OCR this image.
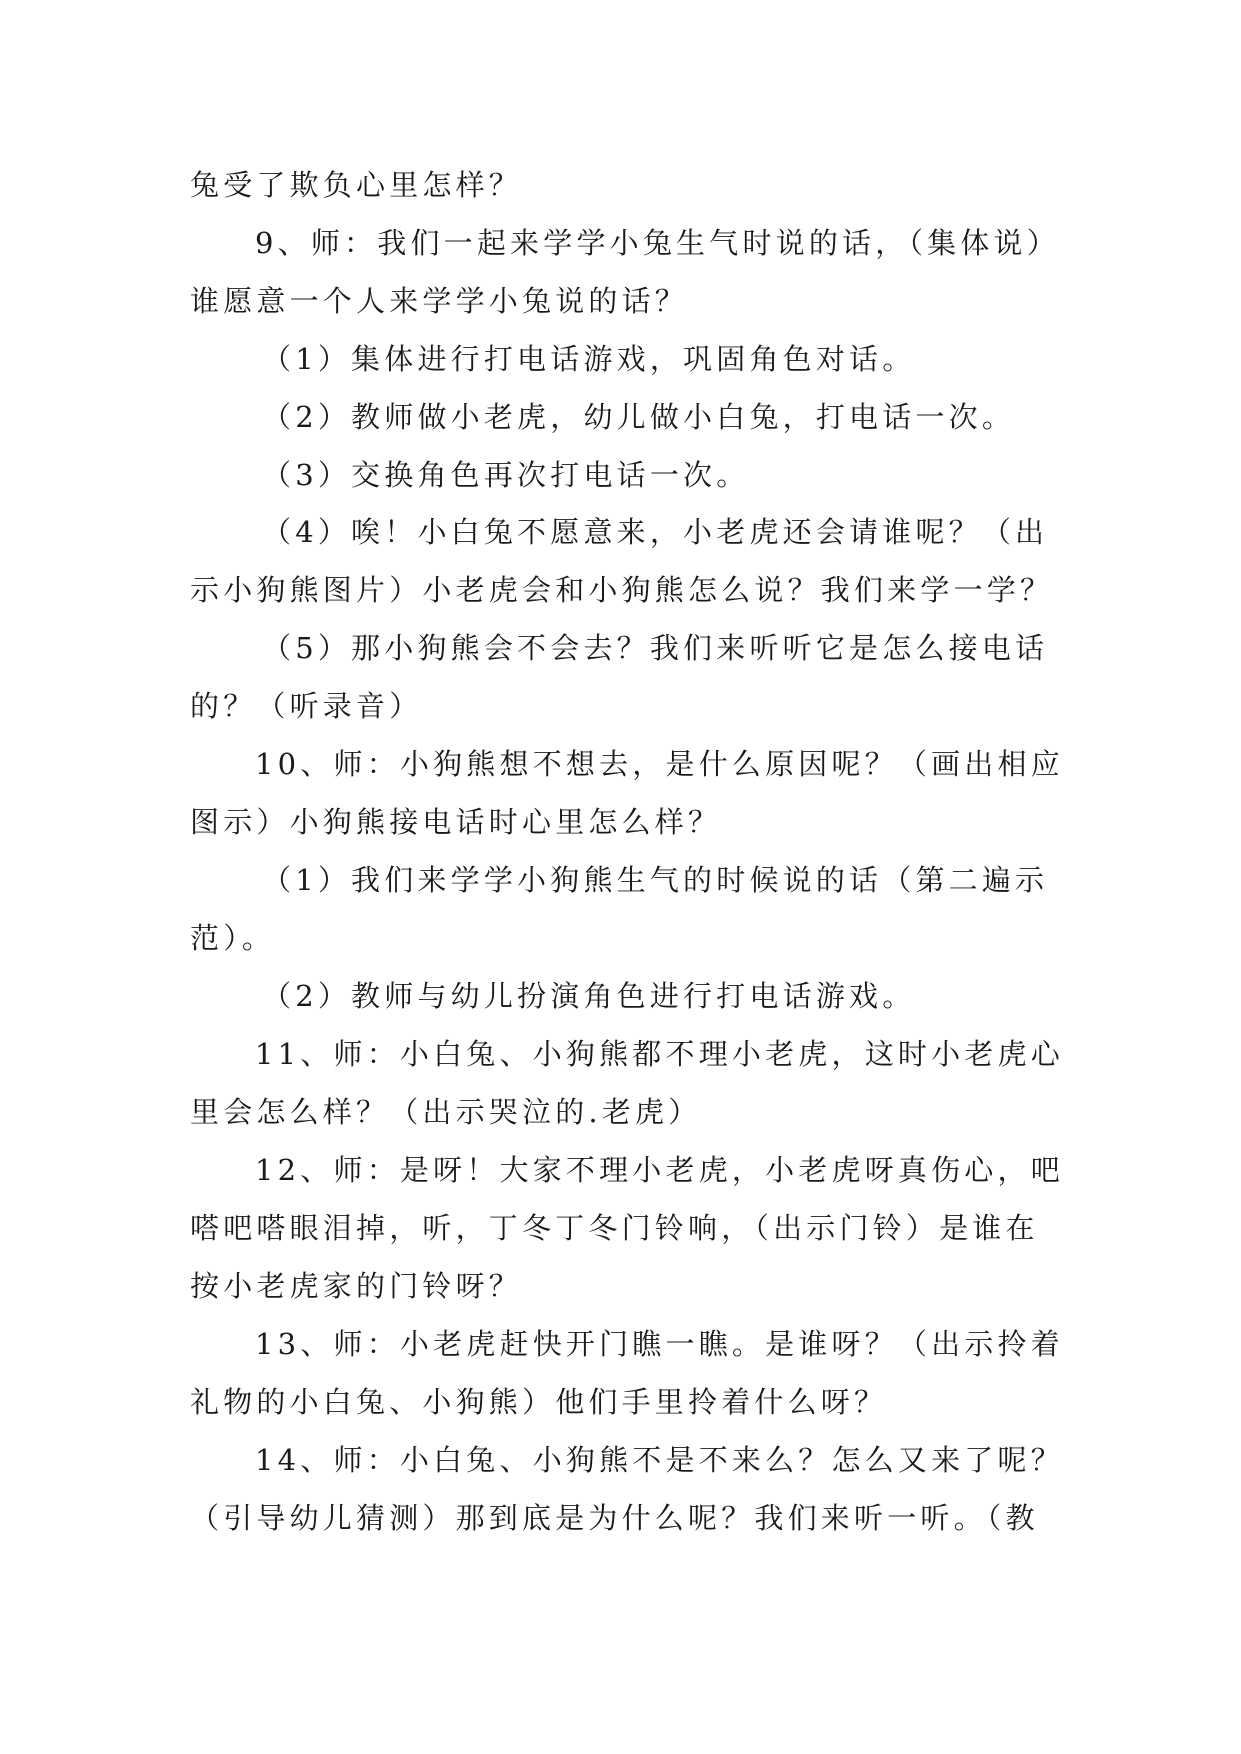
兔受了欺负心里怎样？

9、师：我们一起来学学小兔生气时说的话，（集体说）

谁愿意一个人来学学小兔说的话？

（1）集体进行打电话游戏，巩固角色对话。

（2）教师做小老虎，幼儿做小白兔，打电话一次。

（3）交换角色再次打电话一次。

（4）唉！小白兔不愿意来，小老虎还会请谁呢？（出

示小狗熊图片）小老虎会和小狗熊怎么说？我们来学一学？

（5）那小狗熊会不会去？我们来听听它是怎么接电话

的？（听录音）

10、师：小狗熊想不想去，是什么原因呢？（画出相应

图示）小狗熊接电话时心里怎么样？

（1）我们来学学小狗熊生气的时候说的话（第二遍示

范）。

（2）教师与幼儿扮演角色进行打电话游戏。

11、师：小白兔、小狗熊都不理小老虎，这时小老虎心

里会怎么样？（出示哭泣的.老虎）

12、师：是呀！大家不理小老虎，小老虎呀真伤心，吧

嗒吧嗒眼泪掉，听，丁冬丁冬门铃响，（出示门铃）是谁在

按小老虎家的门铃呀？

13、师：小老虎赶快开门瞧一瞧。是谁呀？（出示拎着

礼物的小白兔、小狗熊）他们手里拎着什么呀？

14、师：小白兔、小狗熊不是不来么？怎么又来了呢？

（引导幼儿猜测）那到底是为什么呢？我们来听一听。（教
